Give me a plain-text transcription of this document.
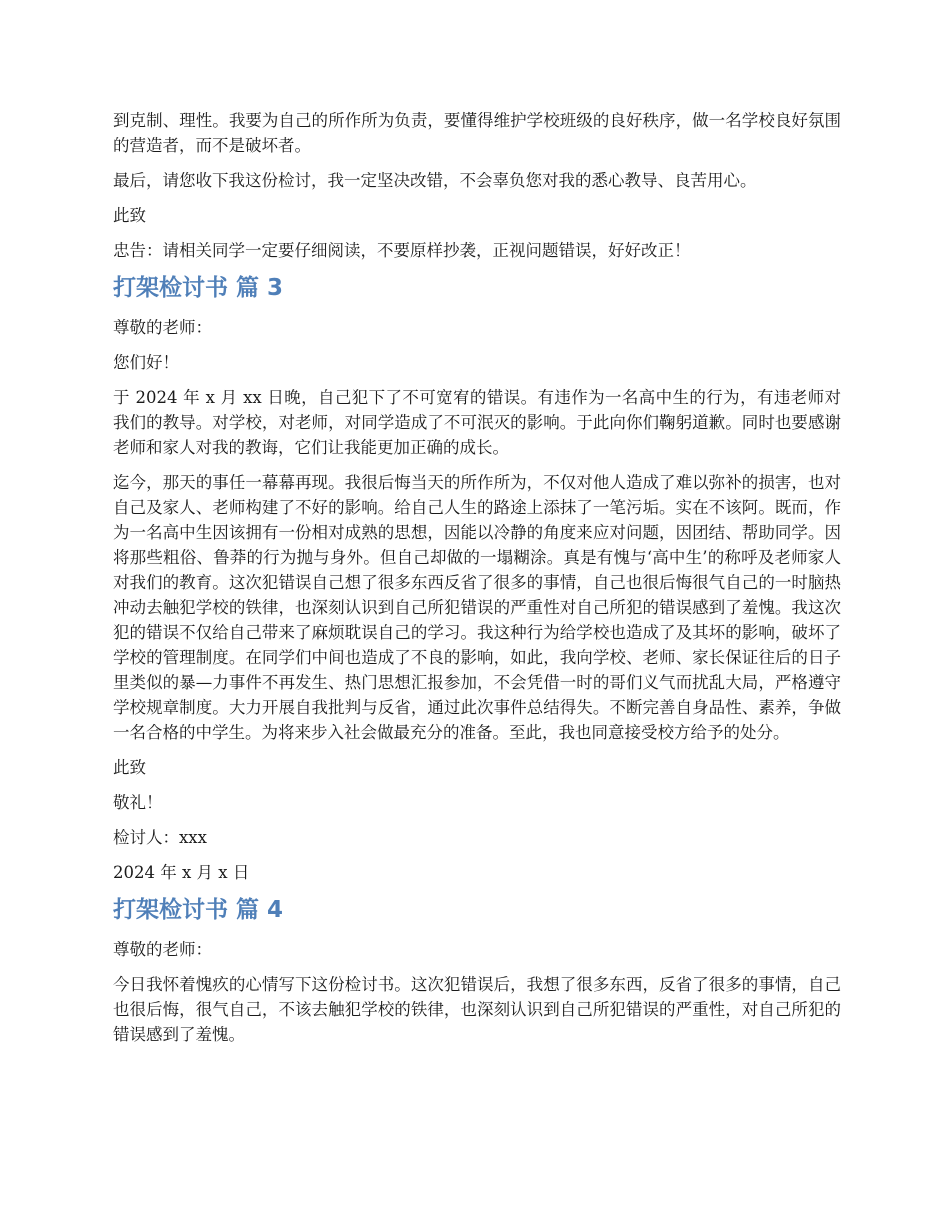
到克制、理性。我要为自己的所作所为负责，要懂得维护学校班级的良好秩序，做一名学校良好氛围的营造者，而不是破坏者。

最后，请您收下我这份检讨，我一定坚决改错，不会辜负您对我的悉心教导、良苦用心。

此致

忠告：请相关同学一定要仔细阅读，不要原样抄袭，正视问题错误，好好改正！

打架检讨书 篇 3

尊敬的老师：

您们好！

于 2024 年 x 月 xx 日晚，自己犯下了不可宽宥的错误。有违作为一名高中生的行为，有违老师对我们的教导。对学校，对老师，对同学造成了不可泯灭的影响。于此向你们鞠躬道歉。同时也要感谢老师和家人对我的教诲，它们让我能更加正确的成长。

迄今，那天的事任一幕幕再现。我很后悔当天的所作所为，不仅对他人造成了难以弥补的损害，也对自己及家人、老师构建了不好的影响。给自己人生的路途上添抹了一笔污垢。实在不该阿。既而，作为一名高中生因该拥有一份相对成熟的思想，因能以冷静的角度来应对问题，因团结、帮助同学。因将那些粗俗、鲁莽的行为抛与身外。但自己却做的一塌糊涂。真是有愧与‘高中生’的称呼及老师家人对我们的教育。这次犯错误自己想了很多东西反省了很多的事情，自己也很后悔很气自己的一时脑热冲动去触犯学校的铁律，也深刻认识到自己所犯错误的严重性对自己所犯的错误感到了羞愧。我这次犯的错误不仅给自己带来了麻烦耽误自己的学习。我这种行为给学校也造成了及其坏的影响，破坏了学校的管理制度。在同学们中间也造成了不良的影响，如此，我向学校、老师、家长保证往后的日子里类似的暴—力事件不再发生、热门思想汇报参加，不会凭借一时的哥们义气而扰乱大局，严格遵守学校规章制度。大力开展自我批判与反省，通过此次事件总结得失。不断完善自身品性、素养，争做一名合格的中学生。为将来步入社会做最充分的准备。至此，我也同意接受校方给予的处分。

此致

敬礼！

检讨人：xxx

2024 年 x 月 x 日

打架检讨书 篇 4

尊敬的老师：

今日我怀着愧疚的心情写下这份检讨书。这次犯错误后，我想了很多东西，反省了很多的事情，自己也很后悔，很气自己，不该去触犯学校的铁律，也深刻认识到自己所犯错误的严重性，对自己所犯的错误感到了羞愧。
